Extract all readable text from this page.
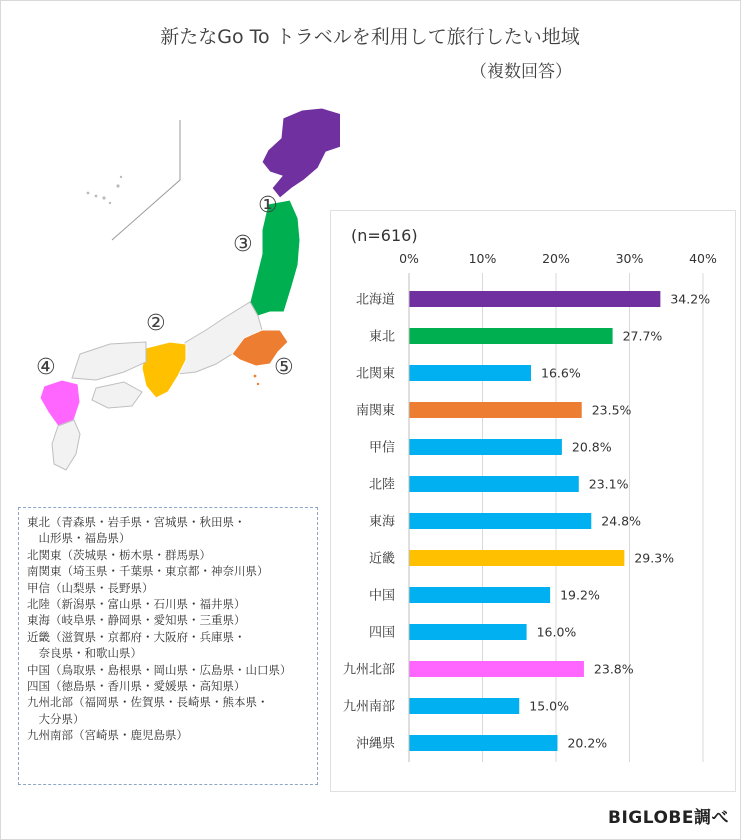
新たなGo To トラベルを利用して旅行したい地域
（複数回答）
①
②
③
④	⑤
東北（青森県・岩手県・宮城県・秋田県・
　山形県・福島県）
北関東（茨城県・栃木県・群馬県）
南関東（埼玉県・千葉県・東京都・神奈川県）
甲信（山梨県・長野県）
北陸（新潟県・富山県・石川県・福井県）
東海（岐阜県・静岡県・愛知県・三重県）
近畿（滋賀県・京都府・大阪府・兵庫県・
　奈良県・和歌山県）
中国（鳥取県・島根県・岡山県・広島県・山口県）
四国（徳島県・香川県・愛媛県・高知県）
九州北部（福岡県・佐賀県・長崎県・熊本県・
　大分県）
九州南部（宮崎県・鹿児島県）
(n=616)
0%	10%	20%	30%	40%
北海道	34.2%
東北	27.7%
北関東	16.6%
南関東	23.5%
甲信	20.8%
北陸	23.1%
東海	24.8%
近畿	29.3%
中国	19.2%
四国	16.0%
九州北部	23.8%
九州南部	15.0%
沖縄県	20.2%
BIGLOBE調べ
